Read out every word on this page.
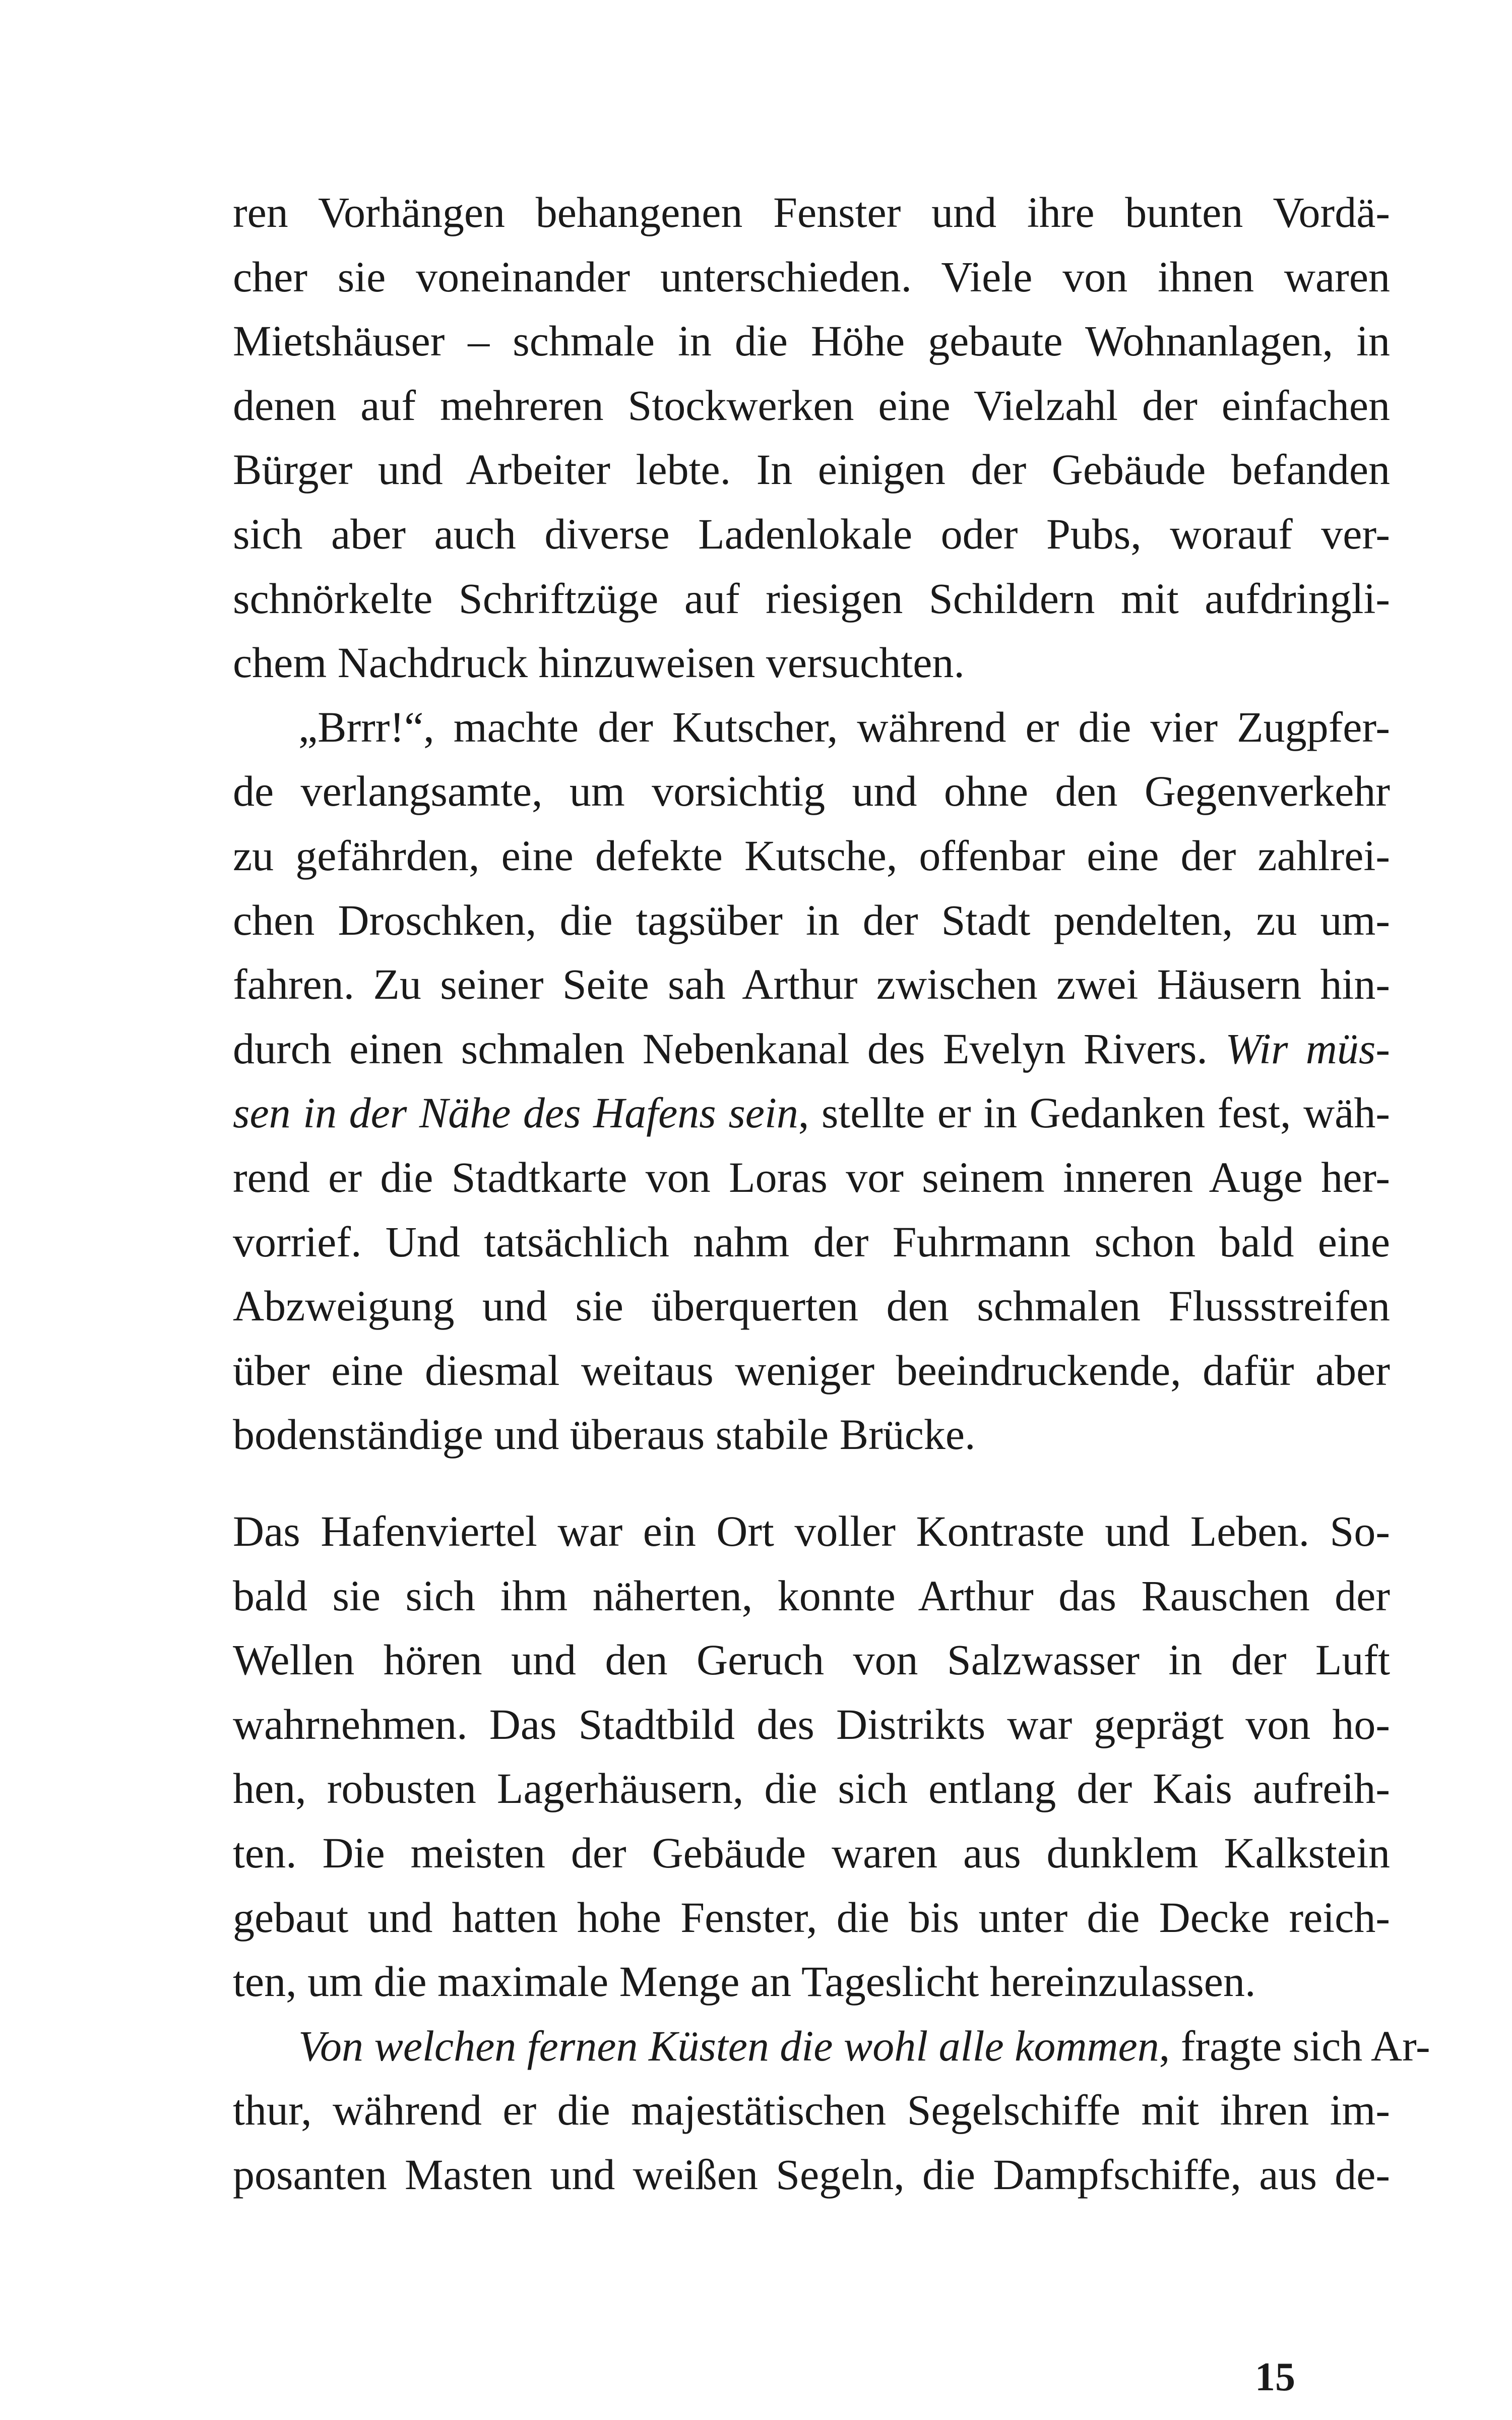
ren Vorhängen behangenen Fenster und ihre bunten Vordä-
cher sie voneinander unterschieden. Viele von ihnen waren
Mietshäuser – schmale in die Höhe gebaute Wohnanlagen, in
denen auf mehreren Stockwerken eine Vielzahl der einfachen
Bürger und Arbeiter lebte. In einigen der Gebäude befanden
sich aber auch diverse Ladenlokale oder Pubs, worauf ver-
schnörkelte Schriftzüge auf riesigen Schildern mit aufdringli-
chem Nachdruck hinzuweisen versuchten.
„Brrr!“, machte der Kutscher, während er die vier Zugpfer-
de verlangsamte, um vorsichtig und ohne den Gegenverkehr
zu gefährden, eine defekte Kutsche, offenbar eine der zahlrei-
chen Droschken, die tagsüber in der Stadt pendelten, zu um-
fahren. Zu seiner Seite sah Arthur zwischen zwei Häusern hin-
durch einen schmalen Nebenkanal des Evelyn Rivers. Wir müs-
sen in der Nähe des Hafens sein, stellte er in Gedanken fest, wäh-
rend er die Stadtkarte von Loras vor seinem inneren Auge her-
vorrief. Und tatsächlich nahm der Fuhrmann schon bald eine
Abzweigung und sie überquerten den schmalen Flussstreifen
über eine diesmal weitaus weniger beeindruckende, dafür aber
bodenständige und überaus stabile Brücke.
Das Hafenviertel war ein Ort voller Kontraste und Leben. So-
bald sie sich ihm näherten, konnte Arthur das Rauschen der
Wellen hören und den Geruch von Salzwasser in der Luft
wahrnehmen. Das Stadtbild des Distrikts war geprägt von ho-
hen, robusten Lagerhäusern, die sich entlang der Kais aufreih-
ten. Die meisten der Gebäude waren aus dunklem Kalkstein
gebaut und hatten hohe Fenster, die bis unter die Decke reich-
ten, um die maximale Menge an Tageslicht hereinzulassen.
Von welchen fernen Küsten die wohl alle kommen, fragte sich Ar-
thur, während er die majestätischen Segelschiffe mit ihren im-
posanten Masten und weißen Segeln, die Dampfschiffe, aus de-
15
